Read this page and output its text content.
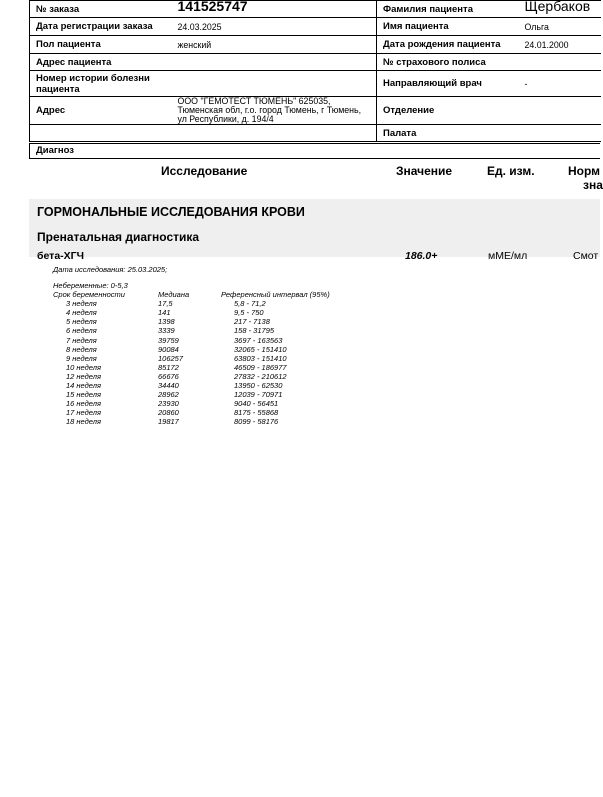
№ заказа	141525747	Фамилия пациента	Щербаков
Дата регистрации заказа	24.03.2025	Имя пациента	Ольга
Пол пациента	женский	Дата рождения пациента	24.01.2000
Адрес пациента		№ страхового полиса	
Номер истории болезни пациента		Направляющий врач	-
Адрес	ООО "ГЕМОТЕСТ ТЮМЕНЬ" 625035, Тюменская обл, г.о. город Тюмень, г Тюмень, ул Республики, д. 194/4	Отделение	
		Палата	
Диагноз
Исследование	Значение	Ед. изм.	Норм
зна
ГОРМОНАЛЬНЫЕ ИССЛЕДОВАНИЯ КРОВИ
Пренатальная диагностика
бета-ХГЧ	186.0+	мМЕ/мл	Смот
Дата исследования: 25.03.2025;
Небеременные: 0-5,3
Срок беременности	Медиана	Референсный интервал (95%)
3 неделя	17,5	5,8 - 71,2
4 неделя	141	9,5 - 750
5 неделя	1398	217 - 7138
6 неделя	3339	158 - 31795
7 неделя	39759	3697 - 163563
8 неделя	90084	32065 - 151410
9 неделя	106257	63803 - 151410
10 неделя	85172	46509 - 186977
12 неделя	66676	27832 - 210612
14 неделя	34440	13950 - 62530
15 неделя	28962	12039 - 70971
16 неделя	23930	9040 - 56451
17 неделя	20860	8175 - 55868
18 неделя	19817	8099 - 58176
